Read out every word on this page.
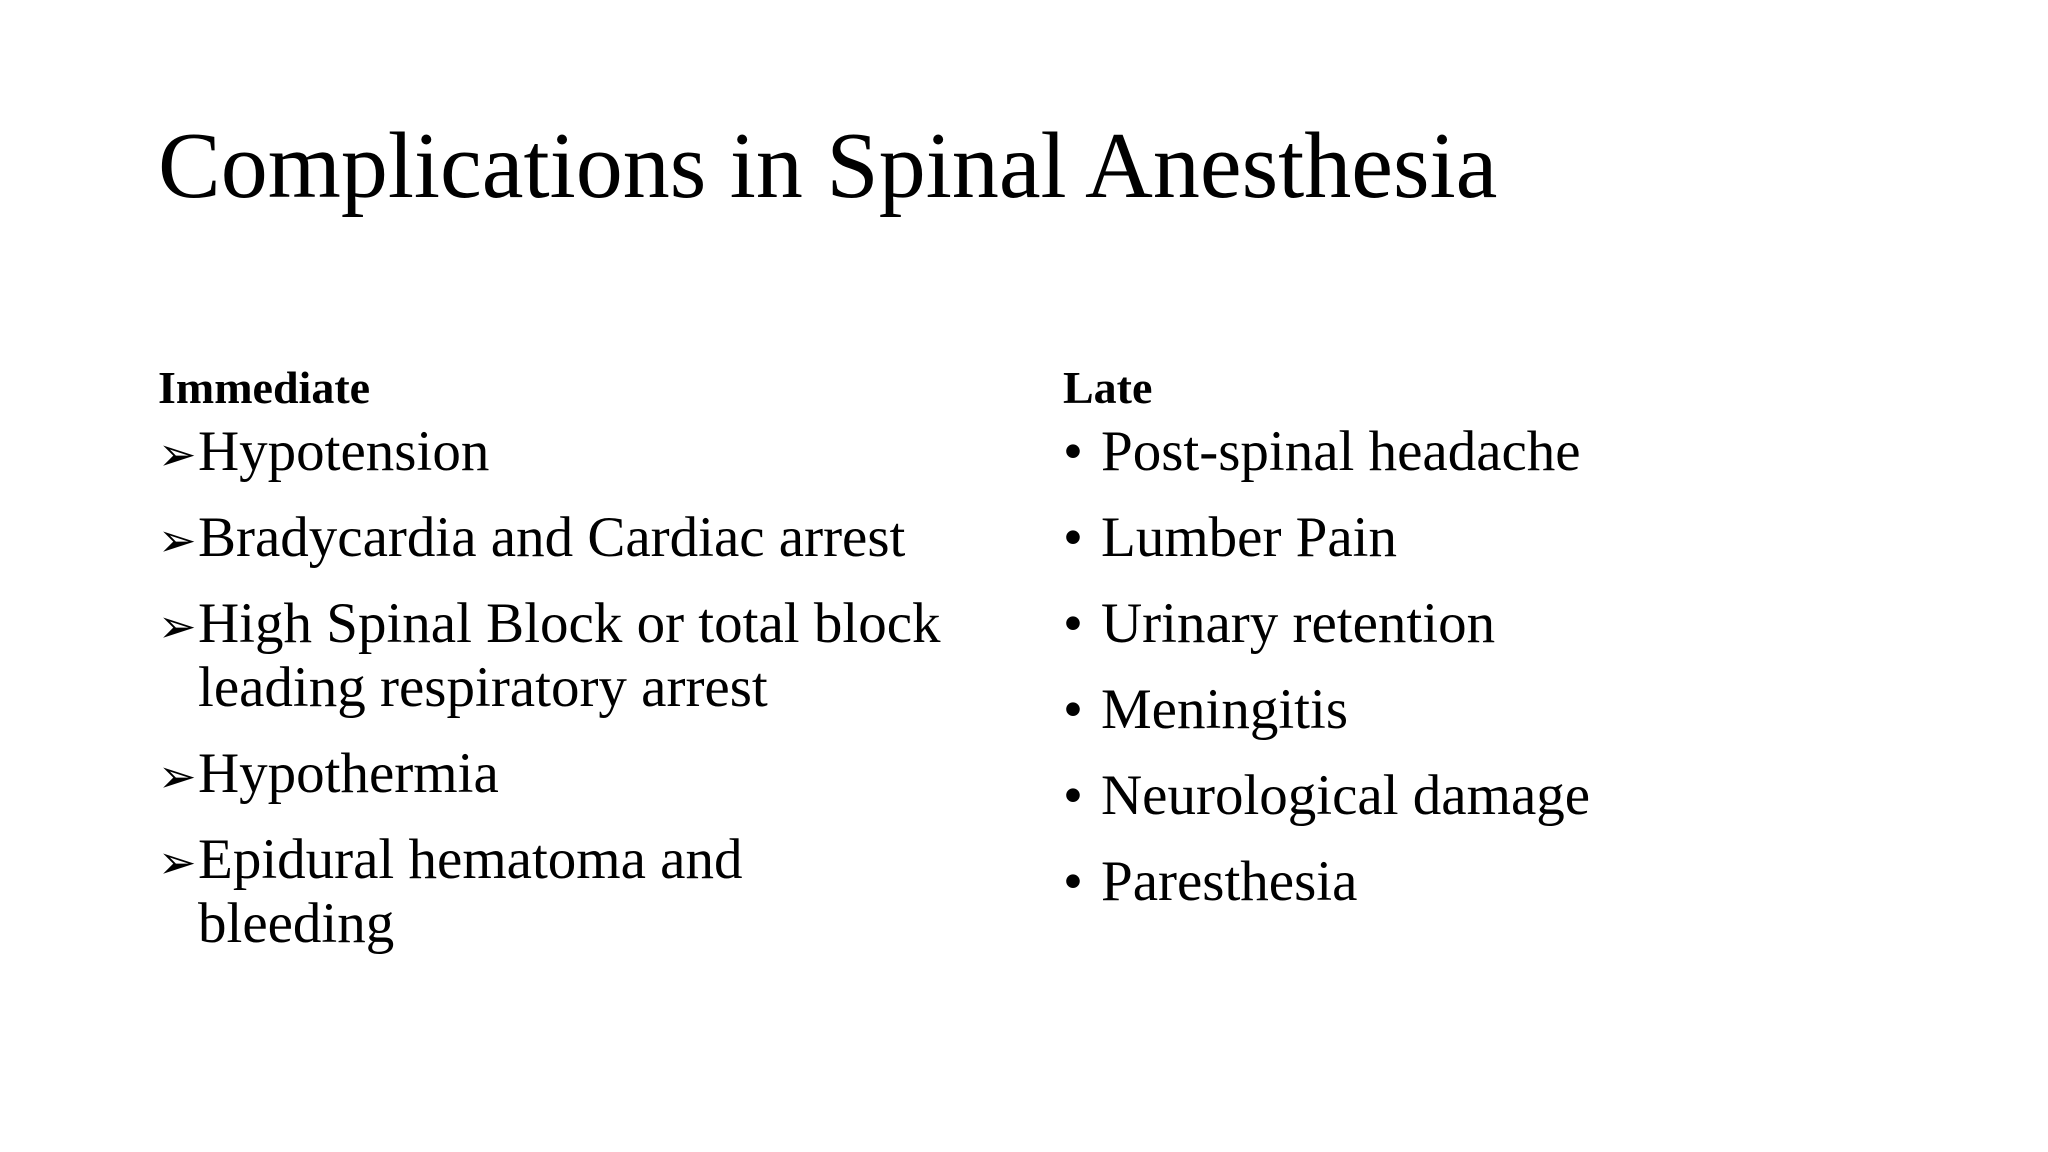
Complications in Spinal Anesthesia
Immediate
➢ Hypotension
➢ Bradycardia and Cardiac arrest
➢ High Spinal Block or total block leading respiratory arrest
➢ Hypothermia
➢ Epidural hematoma and bleeding
Late
• Post-spinal headache
• Lumber Pain
• Urinary retention
• Meningitis
• Neurological damage
• Paresthesia
